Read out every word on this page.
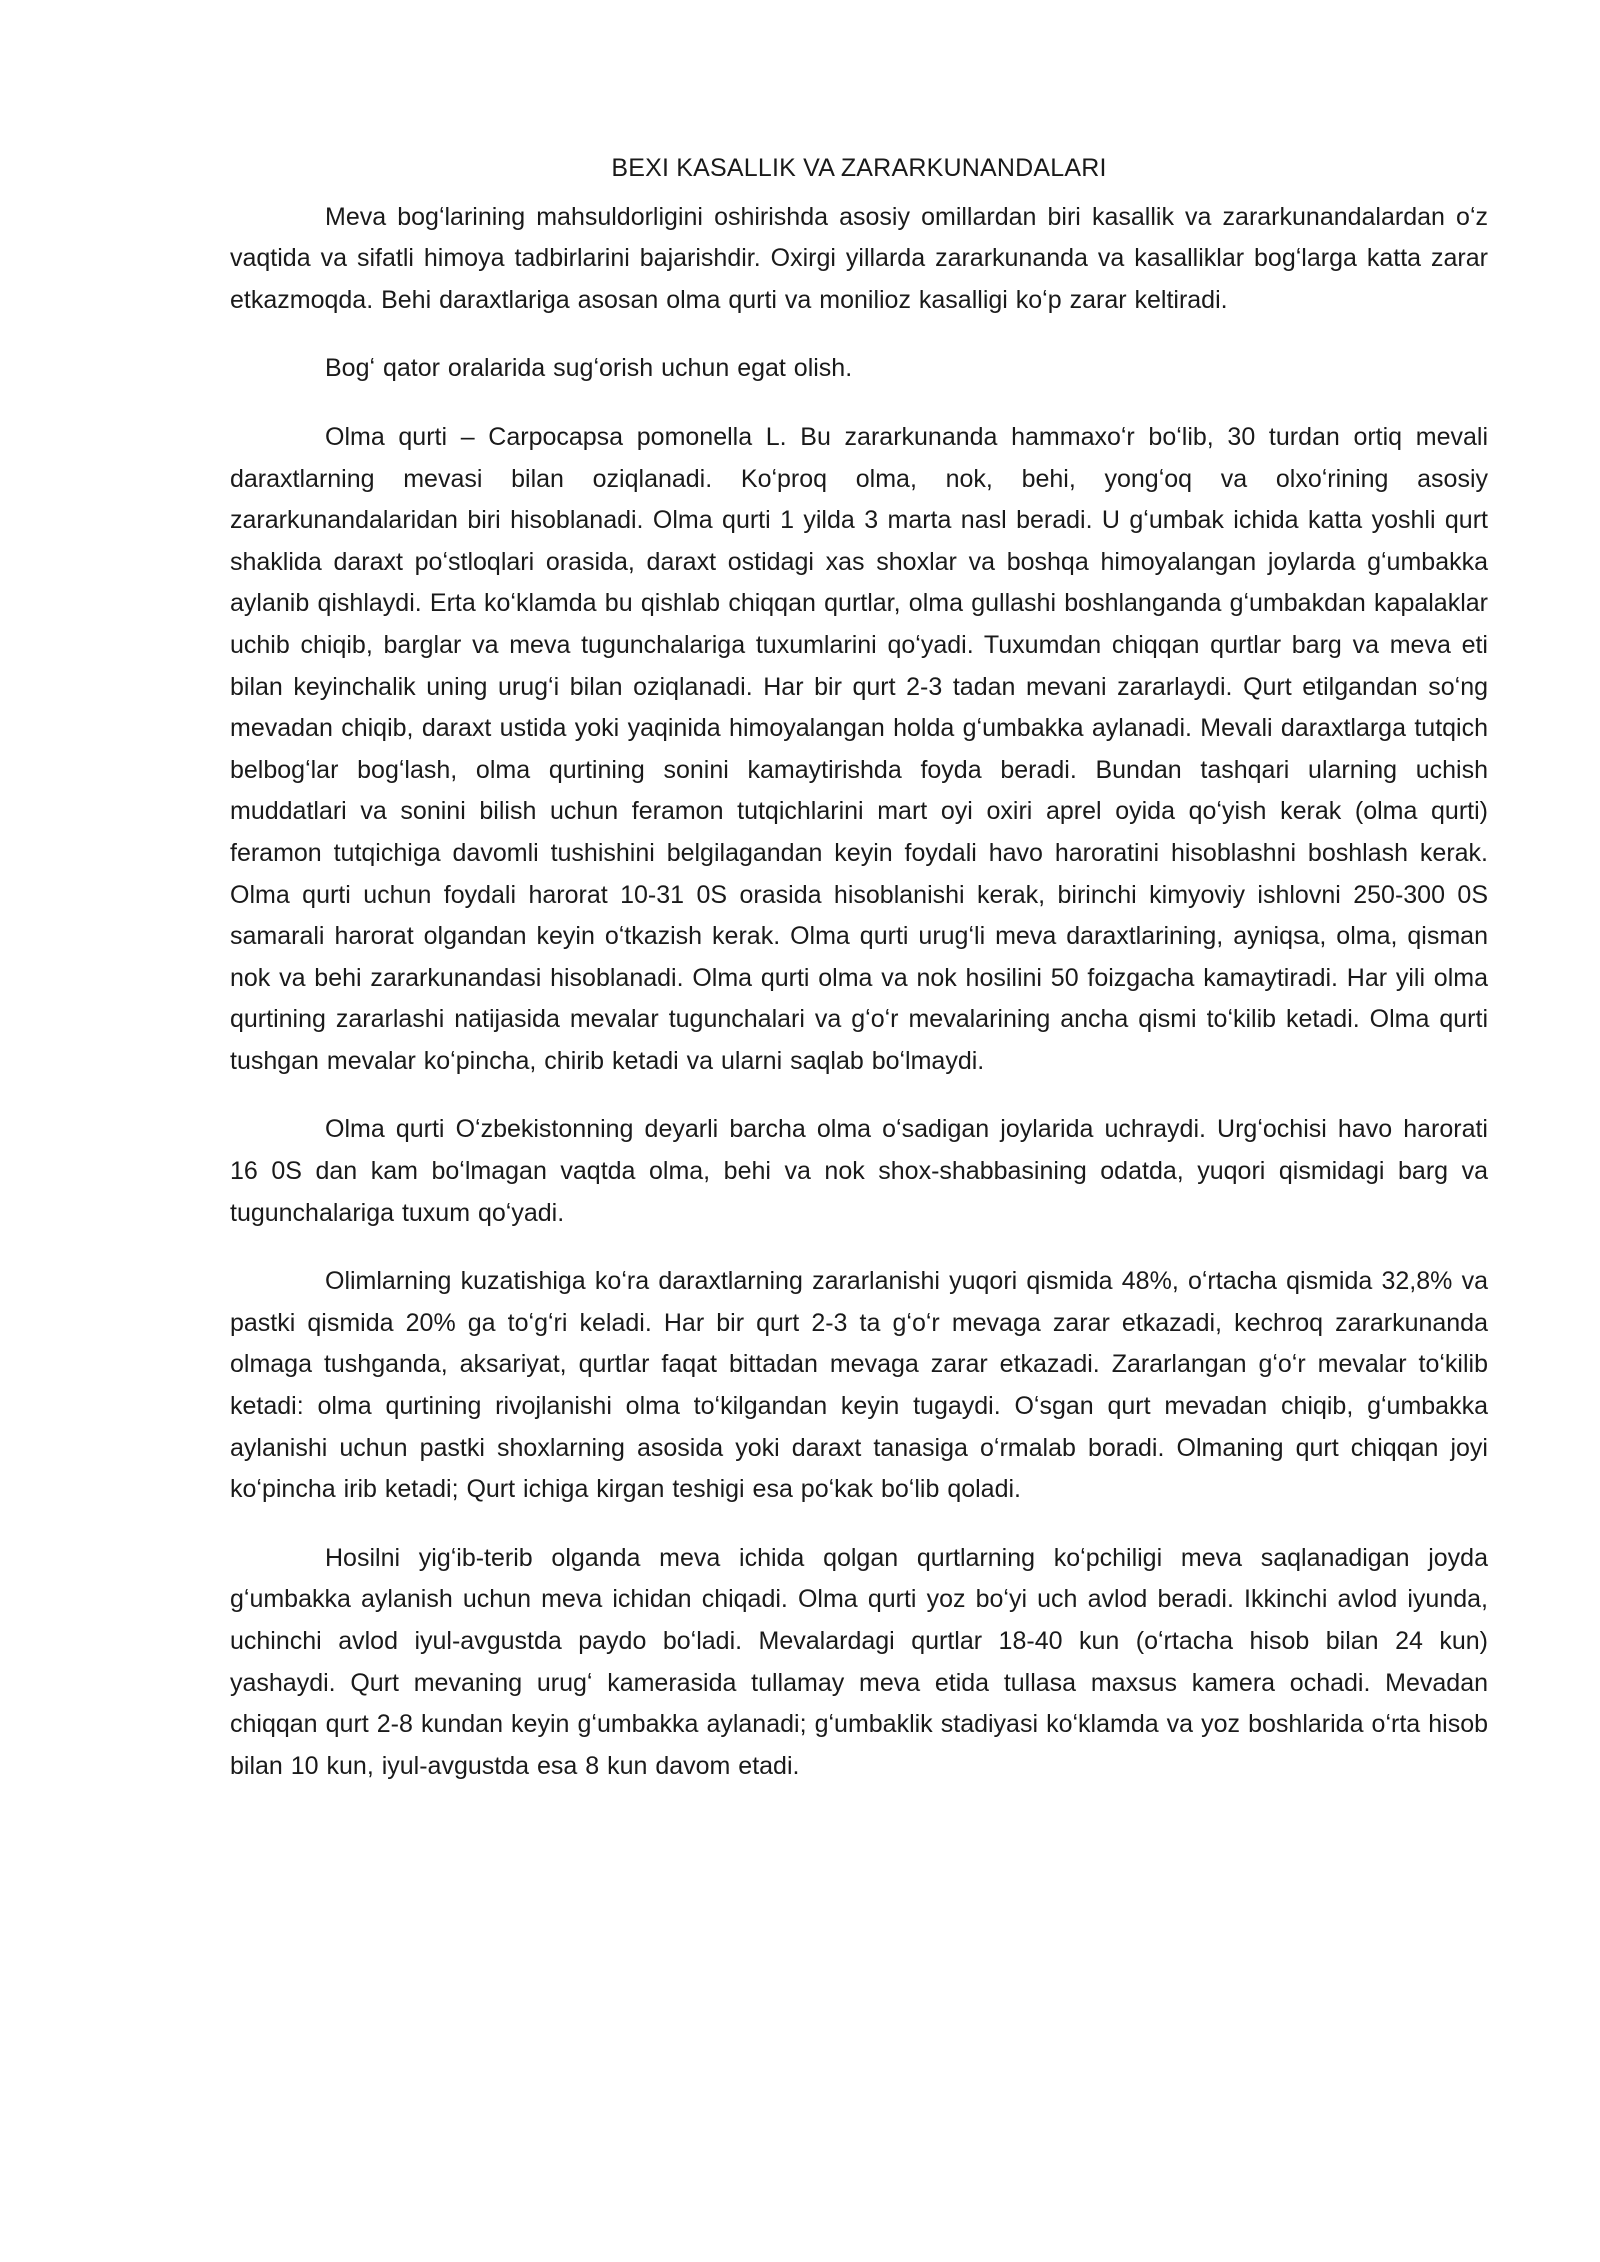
BEXI KASALLIK VA ZARARKUNANDALARI

Meva bogʻlarining mahsuldorligini oshirishda asosiy omillardan biri kasallik va zararkunandalardan oʻz vaqtida va sifatli himoya tadbirlarini bajarishdir. Oxirgi yillarda zararkunanda va kasalliklar bogʻlarga katta zarar etkazmoqda. Behi daraxtlariga asosan olma qurti va monilioz kasalligi koʻp zarar keltiradi.

Bogʻ qator oralarida sugʻorish uchun egat olish.

Olma qurti – Carpocapsa pomonella L. Bu zararkunanda hammaxoʻr boʻlib, 30 turdan ortiq mevali daraxtlarning mevasi bilan oziqlanadi. Koʻproq olma, nok, behi, yongʻoq va olxoʻrining asosiy zararkunandalaridan biri hisoblanadi. Olma qurti 1 yilda 3 marta nasl beradi. U gʻumbak ichida katta yoshli qurt shaklida daraxt poʻstloqlari orasida, daraxt ostidagi xas shoxlar va boshqa himoyalangan joylarda gʻumbakka aylanib qishlaydi. Erta koʻklamda bu qishlab chiqqan qurtlar, olma gullashi boshlanganda gʻumbakdan kapalaklar uchib chiqib, barglar va meva tugunchalariga tuxumlarini qoʻyadi. Tuxumdan chiqqan qurtlar barg va meva eti bilan keyinchalik uning urugʻi bilan oziqlanadi. Har bir qurt 2-3 tadan mevani zararlaydi. Qurt etilgandan soʻng mevadan chiqib, daraxt ustida yoki yaqinida himoyalangan holda gʻumbakka aylanadi. Mevali daraxtlarga tutqich belbogʻlar bogʻlash, olma qurtining sonini kamaytirishda foyda beradi. Bundan tashqari ularning uchish muddatlari va sonini bilish uchun feramon tutqichlarini mart oyi oxiri aprel oyida qoʻyish kerak (olma qurti) feramon tutqichiga davomli tushishini belgilagandan keyin foydali havo haroratini hisoblashni boshlash kerak. Olma qurti uchun foydali harorat 10-31 0S orasida hisoblanishi kerak, birinchi kimyoviy ishlovni 250-300 0S samarali harorat olgandan keyin oʻtkazish kerak. Olma qurti urugʻli meva daraxtlarining, ayniqsa, olma, qisman nok va behi zararkunandasi hisoblanadi. Olma qurti olma va nok hosilini 50 foizgacha kamaytiradi. Har yili olma qurtining zararlashi natijasida mevalar tugunchalari va gʻoʻr mevalarining ancha qismi toʻkilib ketadi. Olma qurti tushgan mevalar koʻpincha, chirib ketadi va ularni saqlab boʻlmaydi.

Olma qurti Oʻzbekistonning deyarli barcha olma oʻsadigan joylarida uchraydi. Urgʻochisi havo harorati 16 0S dan kam boʻlmagan vaqtda olma, behi va nok shox-shabbasining odatda, yuqori qismidagi barg va tugunchalariga tuxum qoʻyadi.

Olimlarning kuzatishiga koʻra daraxtlarning zararlanishi yuqori qismida 48%, oʻrtacha qismida 32,8% va pastki qismida 20% ga toʻgʻri keladi. Har bir qurt 2-3 ta gʻoʻr mevaga zarar etkazadi, kechroq zararkunanda olmaga tushganda, aksariyat, qurtlar faqat bittadan mevaga zarar etkazadi. Zararlangan gʻoʻr mevalar toʻkilib ketadi: olma qurtining rivojlanishi olma toʻkilgandan keyin tugaydi. Oʻsgan qurt mevadan chiqib, gʻumbakka aylanishi uchun pastki shoxlarning asosida yoki daraxt tanasiga oʻrmalab boradi. Olmaning qurt chiqqan joyi koʻpincha irib ketadi; Qurt ichiga kirgan teshigi esa poʻkak boʻlib qoladi.

Hosilni yigʻib-terib olganda meva ichida qolgan qurtlarning koʻpchiligi meva saqlanadigan joyda gʻumbakka aylanish uchun meva ichidan chiqadi. Olma qurti yoz boʻyi uch avlod beradi. Ikkinchi avlod iyunda, uchinchi avlod iyul-avgustda paydo boʻladi. Mevalardagi qurtlar 18-40 kun (oʻrtacha hisob bilan 24 kun) yashaydi. Qurt mevaning urugʻ kamerasida tullamay meva etida tullasa maxsus kamera ochadi. Mevadan chiqqan qurt 2-8 kundan keyin gʻumbakka aylanadi; gʻumbaklik stadiyasi koʻklamda va yoz boshlarida oʻrta hisob bilan 10 kun, iyul-avgustda esa 8 kun davom etadi.
